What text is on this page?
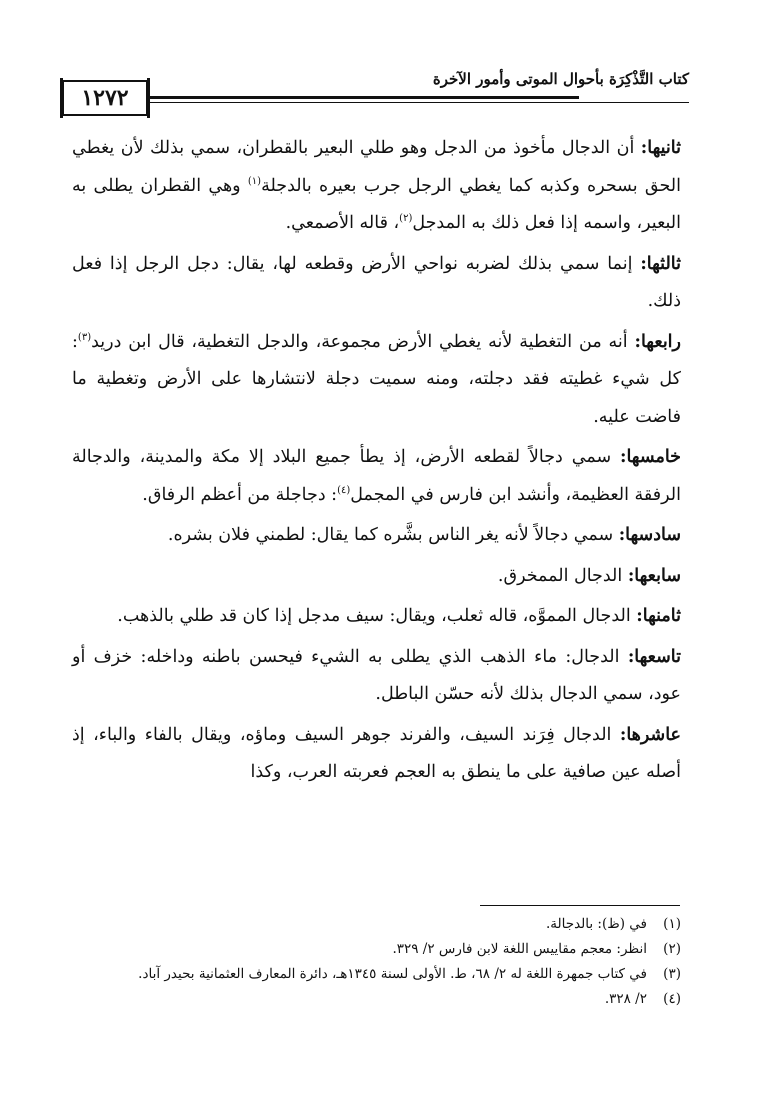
كتاب التَّذْكِرَة بأحوال الموتى وأمور الآخرة
١٢٧٢

ثانيها: أن الدجال مأخوذ من الدجل وهو طلي البعير بالقطران، سمي بذلك لأن يغطي الحق بسحره وكذبه كما يغطي الرجل جرب بعيره بالدجلة$^{(١)}$ وهي القطران يطلى به البعير، واسمه إذا فعل ذلك به المدجل$^{(٢)}$، قاله الأصمعي.

ثالثها: إنما سمي بذلك لضربه نواحي الأرض وقطعه لها، يقال: دجل الرجل إذا فعل ذلك.

رابعها: أنه من التغطية لأنه يغطي الأرض مجموعة، والدجل التغطية، قال ابن دريد$^{(٣)}$: كل شيء غطيته فقد دجلته، ومنه سميت دجلة لانتشارها على الأرض وتغطية ما فاضت عليه.

خامسها: سمي دجالاً لقطعه الأرض، إذ يطأ جميع البلاد إلا مكة والمدينة، والدجالة الرفقة العظيمة، وأنشد ابن فارس في المجمل$^{(٤)}$: دجاجلة من أعظم الرفاق.

سادسها: سمي دجالاً لأنه يغر الناس بشَّره كما يقال: لطمني فلان بشره.

سابعها: الدجال الممخرق.

ثامنها: الدجال المموَّه، قاله ثعلب، ويقال: سيف مدجل إذا كان قد طلي بالذهب.

تاسعها: الدجال: ماء الذهب الذي يطلى به الشيء فيحسن باطنه وداخله: خزف أو عود، سمي الدجال بذلك لأنه حسّن الباطل.

عاشرها: الدجال فِرَند السيف، والفرند جوهر السيف وماؤه، ويقال بالفاء والباء، إذ أصله عين صافية على ما ينطق به العجم فعربته العرب، وكذا

(١)
في (ظ): بالدجالة.
(٢)
انظر: معجم مقاييس اللغة لابن فارس ٢/ ٣٢٩.
(٣)
في كتاب جمهرة اللغة له ٢/ ٦٨، ط. الأولى لسنة ١٣٤٥هـ، دائرة المعارف العثمانية بحيدر آباد.
(٤)
٢/ ٣٢٨.
